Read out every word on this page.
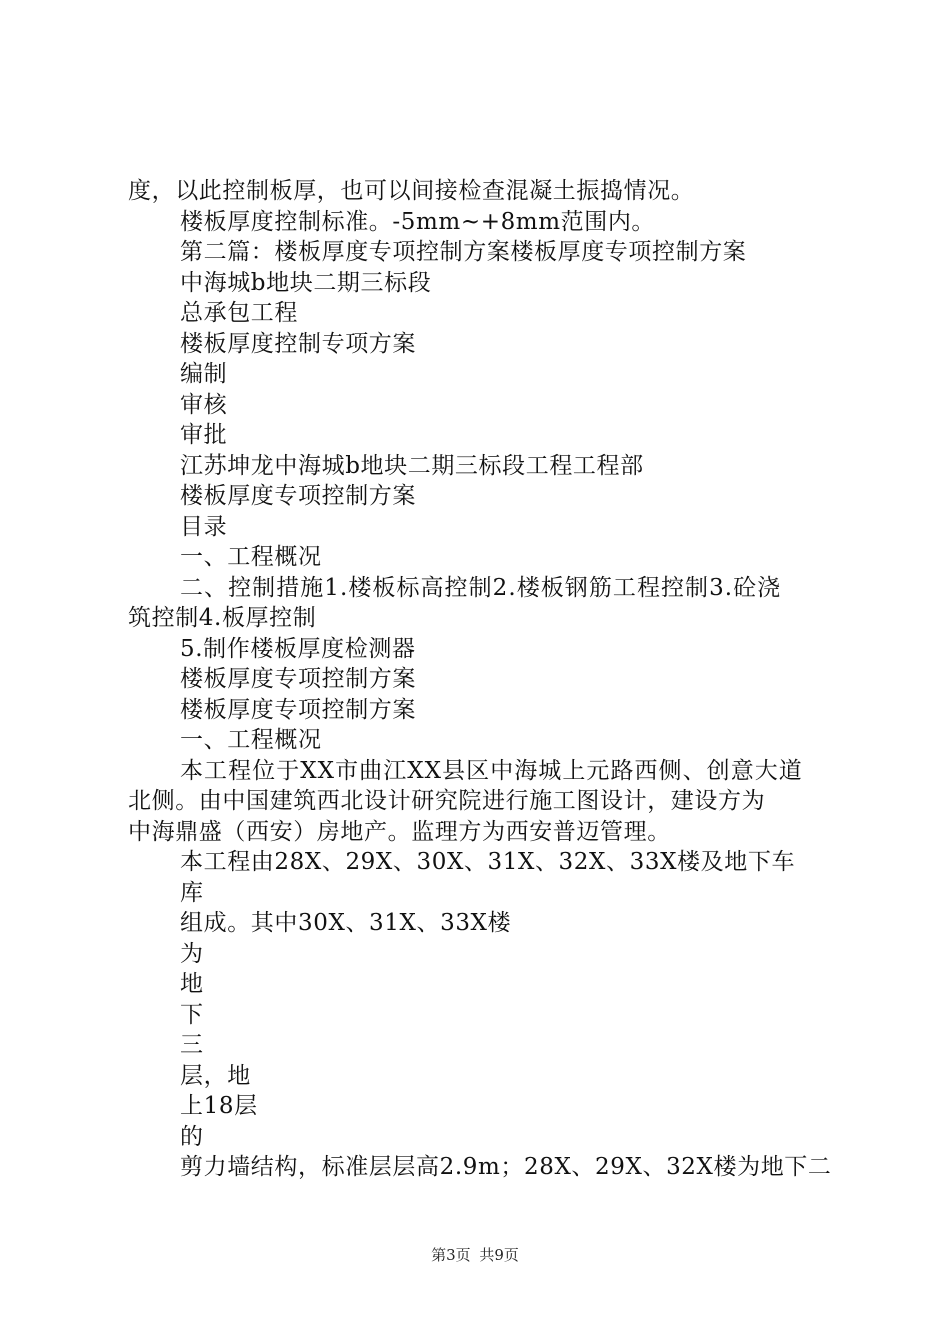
度，以此控制板厚，也可以间接检查混凝土振捣情况。
楼板厚度控制标准。-5mm~+8mm范围内。
第二篇：楼板厚度专项控制方案楼板厚度专项控制方案
中海城b地块二期三标段
总承包工程
楼板厚度控制专项方案
编制
审核
审批
江苏坤龙中海城b地块二期三标段工程工程部
楼板厚度专项控制方案
目录
一、工程概况
二、控制措施1.楼板标高控制2.楼板钢筋工程控制3.砼浇
筑控制4.板厚控制
5.制作楼板厚度检测器
楼板厚度专项控制方案
楼板厚度专项控制方案
一、工程概况
本工程位于XX市曲江XX县区中海城上元路西侧、创意大道
北侧。由中国建筑西北设计研究院进行施工图设计，建设方为
中海鼎盛（西安）房地产。监理方为西安普迈管理。
本工程由28X、29X、30X、31X、32X、33X楼及地下车
库
组成。其中30X、31X、33X楼
为
地
下
三
层，地
上18层
的
剪力墙结构，标准层层高2.9m；28X、29X、32X楼为地下二
第3页 共9页
